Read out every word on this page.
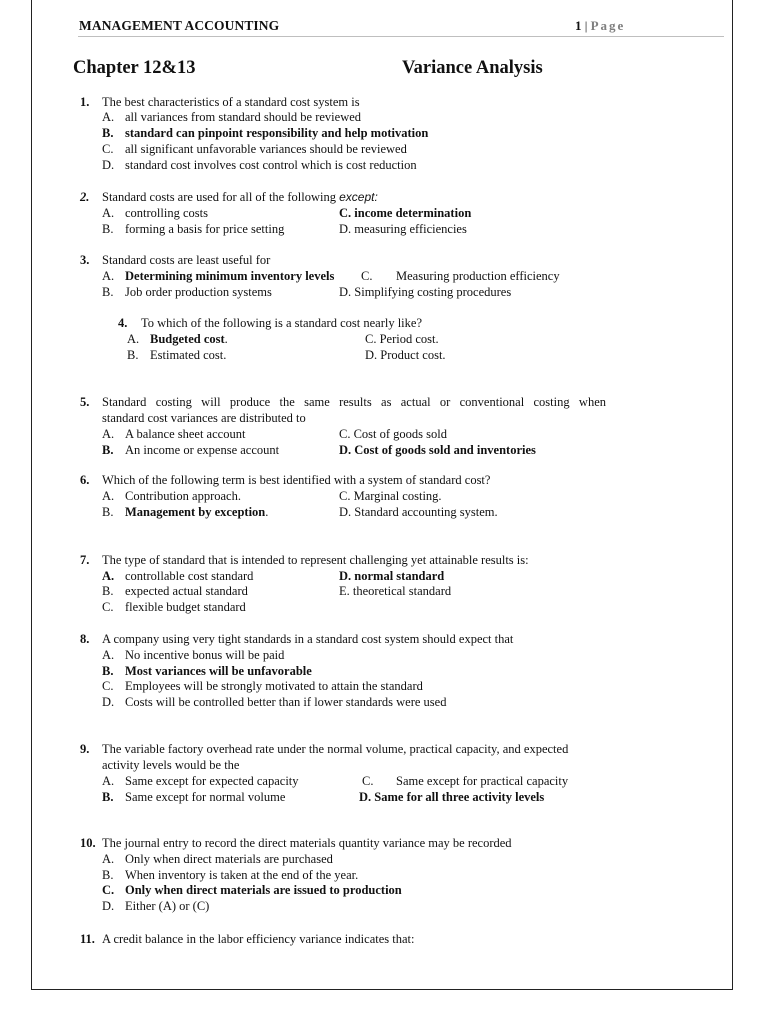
MANAGEMENT ACCOUNTING	1 | Page
Chapter 12&13	Variance Analysis
1. The best characteristics of a standard cost system is
A. all variances from standard should be reviewed
B. standard can pinpoint responsibility and help motivation
C. all significant unfavorable variances should be reviewed
D. standard cost involves cost control which is cost reduction
2. Standard costs are used for all of the following except:
A. controlling costs	C. income determination
B. forming a basis for price setting	D. measuring efficiencies
3. Standard costs are least useful for
A. Determining minimum inventory levels C. Measuring production efficiency
B. Job order production systems	D. Simplifying costing procedures
4. To which of the following is a standard cost nearly like?
A. Budgeted cost.	C. Period cost.
B. Estimated cost.	D. Product cost.
5. Standard costing will produce the same results as actual or conventional costing when
standard cost variances are distributed to
A. A balance sheet account	C. Cost of goods sold
B. An income or expense account	D. Cost of goods sold and inventories
6. Which of the following term is best identified with a system of standard cost?
A. Contribution approach.	C. Marginal costing.
B. Management by exception.	D. Standard accounting system.
7. The type of standard that is intended to represent challenging yet attainable results is:
A. controllable cost standard	D. normal standard
B. expected actual standard	E. theoretical standard
C. flexible budget standard
8. A company using very tight standards in a standard cost system should expect that
A. No incentive bonus will be paid
B. Most variances will be unfavorable
C. Employees will be strongly motivated to attain the standard
D. Costs will be controlled better than if lower standards were used
9. The variable factory overhead rate under the normal volume, practical capacity, and expected
activity levels would be the
A. Same except for expected capacity	C. Same except for practical capacity
B. Same except for normal volume	D. Same for all three activity levels
10. The journal entry to record the direct materials quantity variance may be recorded
A. Only when direct materials are purchased
B. When inventory is taken at the end of the year.
C. Only when direct materials are issued to production
D. Either (A) or (C)
11. A credit balance in the labor efficiency variance indicates that:
